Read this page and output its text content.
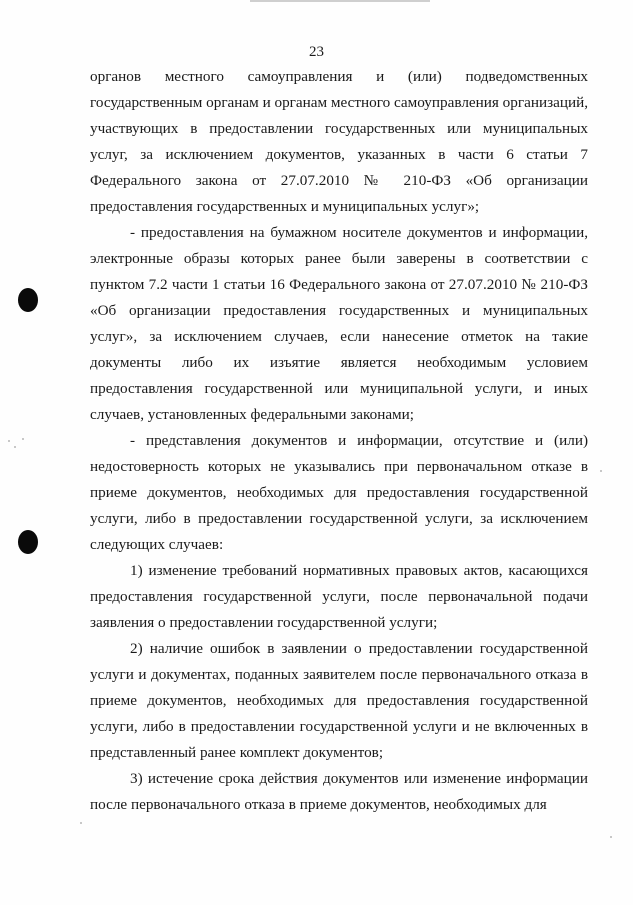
23

органов местного самоуправления и (или) подведомственных государственным органам и органам местного самоуправления организаций, участвующих в предоставлении государственных или муниципальных услуг, за исключением документов, указанных в части 6 статьи 7 Федерального закона от 27.07.2010 № 210-ФЗ «Об организации предоставления государственных и муниципальных услуг»;

- предоставления на бумажном носителе документов и информации, электронные образы которых ранее были заверены в соответствии с пунктом 7.2 части 1 статьи 16 Федерального закона от 27.07.2010 № 210-ФЗ «Об организации предоставления государственных и муниципальных услуг», за исключением случаев, если нанесение отметок на такие документы либо их изъятие является необходимым условием предоставления государственной или муниципальной услуги, и иных случаев, установленных федеральными законами;

- представления документов и информации, отсутствие и (или) недостоверность которых не указывались при первоначальном отказе в приеме документов, необходимых для предоставления государственной услуги, либо в предоставлении государственной услуги, за исключением следующих случаев:

1) изменение требований нормативных правовых актов, касающихся предоставления государственной услуги, после первоначальной подачи заявления о предоставлении государственной услуги;

2) наличие ошибок в заявлении о предоставлении государственной услуги и документах, поданных заявителем после первоначального отказа в приеме документов, необходимых для предоставления государственной услуги, либо в предоставлении государственной услуги и не включенных в представленный ранее комплект документов;

3) истечение срока действия документов или изменение информации после первоначального отказа в приеме документов, необходимых для
